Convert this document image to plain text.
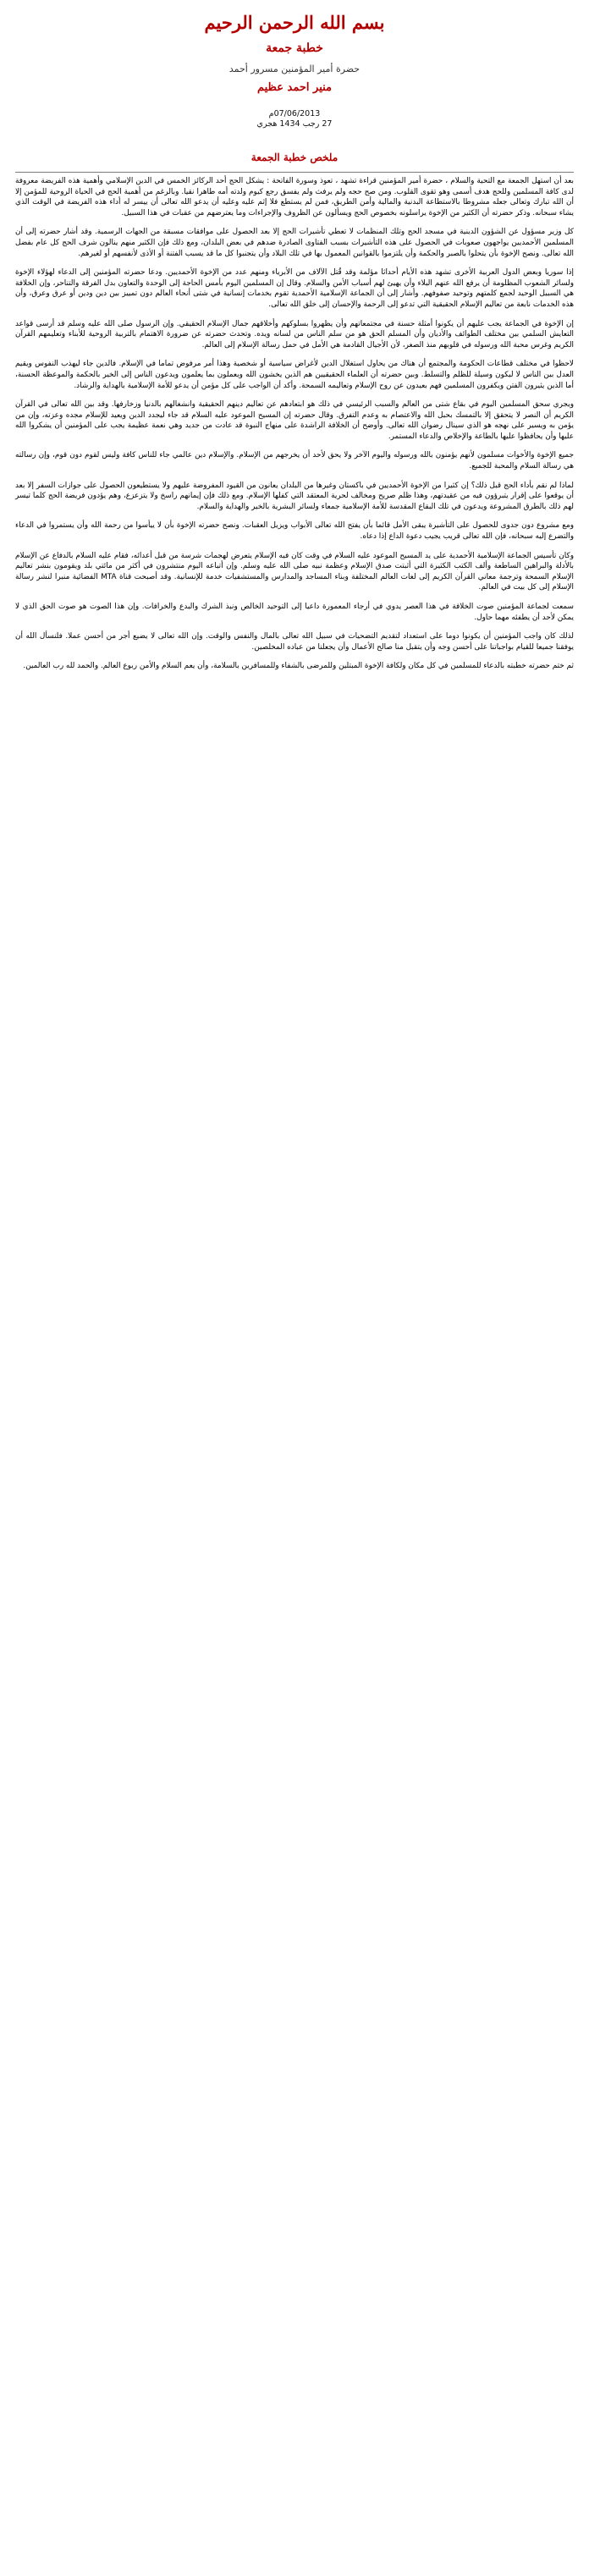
بسم الله الرحمن الرحيم
خطبة جمعة
حضرة أمير المؤمنين مسرور أحمد
منير احمد عظيم
07/06/2013م
27 رجب 1434 هجري
ملخص خطبة الجمعة

بعد أن استهل الجمعة مع التحية والسلام ، حضرة أمير المؤمنين قراءة تشهد ، تعوذ وسورة الفاتحة : يشكل الحج أحد الركائز الخمس في الدين الإسلامي وأهمية هذه الفريضة معروفة لدى كافة المسلمين وللحج هدف أسمى وهو تقوى القلوب. ومن صح حجه ولم يرفث ولم يفسق رجع كيوم ولدته أمه طاهرا نقيا. وبالرغم من أهمية الحج في الحياة الروحية للمؤمن إلا أن الله تبارك وتعالى جعله مشروطا بالاستطاعة البدنية والمالية وأمن الطريق، فمن لم يستطع فلا إثم عليه وعليه أن يدعو الله تعالى أن ييسر له أداء هذه الفريضة في الوقت الذي يشاء سبحانه. وذكر حضرته أن الكثير من الإخوة يراسلونه بخصوص الحج ويسألون عن الظروف والإجراءات وما يعترضهم من عقبات في هذا السبيل.

كل وزير مسؤول عن الشؤون الدينية في مسجد الحج وتلك المنظمات لا تعطي تأشيرات الحج إلا بعد الحصول على موافقات مسبقة من الجهات الرسمية. وقد أشار حضرته إلى أن المسلمين الأحمديين يواجهون صعوبات في الحصول على هذه التأشيرات بسبب الفتاوى الصادرة ضدهم في بعض البلدان، ومع ذلك فإن الكثير منهم ينالون شرف الحج كل عام بفضل الله تعالى. ونصح الإخوة بأن يتحلوا بالصبر والحكمة وأن يلتزموا بالقوانين المعمول بها في تلك البلاد وأن يتجنبوا كل ما قد يسبب الفتنة أو الأذى لأنفسهم أو لغيرهم.

إذا سوريا وبعض الدول العربية الأخرى تشهد هذه الأيام أحداثا مؤلمة وقد قُتل الآلاف من الأبرياء ومنهم عدد من الإخوة الأحمديين. ودعا حضرته المؤمنين إلى الدعاء لهؤلاء الإخوة ولسائر الشعوب المظلومة أن يرفع الله عنهم البلاء وأن يهيئ لهم أسباب الأمن والسلام. وقال إن المسلمين اليوم بأمس الحاجة إلى الوحدة والتعاون بدل الفرقة والتناحر، وإن الخلافة هي السبيل الوحيد لجمع كلمتهم وتوحيد صفوفهم. وأشار إلى أن الجماعة الإسلامية الأحمدية تقوم بخدمات إنسانية في شتى أنحاء العالم دون تمييز بين دين ودين أو عرق وعرق، وأن هذه الخدمات نابعة من تعاليم الإسلام الحقيقية التي تدعو إلى الرحمة والإحسان إلى خلق الله تعالى.

إن الإخوة في الجماعة يجب عليهم أن يكونوا أمثلة حسنة في مجتمعاتهم وأن يظهروا بسلوكهم وأخلاقهم جمال الإسلام الحقيقي. وإن الرسول صلى الله عليه وسلم قد أرسى قواعد التعايش السلمي بين مختلف الطوائف والأديان وأن المسلم الحق هو من سلم الناس من لسانه ويده. وتحدث حضرته عن ضرورة الاهتمام بالتربية الروحية للأبناء وتعليمهم القرآن الكريم وغرس محبة الله ورسوله في قلوبهم منذ الصغر، لأن الأجيال القادمة هي الأمل في حمل رسالة الإسلام إلى العالم.

لاحظوا في مختلف قطاعات الحكومة والمجتمع أن هناك من يحاول استغلال الدين لأغراض سياسية أو شخصية وهذا أمر مرفوض تماما في الإسلام. فالدين جاء ليهذب النفوس ويقيم العدل بين الناس لا ليكون وسيلة للظلم والتسلط. وبين حضرته أن العلماء الحقيقيين هم الذين يخشون الله ويعملون بما يعلمون ويدعون الناس إلى الخير بالحكمة والموعظة الحسنة، أما الذين يثيرون الفتن ويكفرون المسلمين فهم بعيدون عن روح الإسلام وتعاليمه السمحة. وأكد أن الواجب على كل مؤمن أن يدعو للأمة الإسلامية بالهداية والرشاد.

ويجري سحق المسلمين اليوم في بقاع شتى من العالم والسبب الرئيسي في ذلك هو ابتعادهم عن تعاليم دينهم الحقيقية وانشغالهم بالدنيا وزخارفها. وقد بين الله تعالى في القرآن الكريم أن النصر لا يتحقق إلا بالتمسك بحبل الله والاعتصام به وعدم التفرق. وقال حضرته إن المسيح الموعود عليه السلام قد جاء ليجدد الدين ويعيد للإسلام مجده وعزته، وإن من يؤمن به ويسير على نهجه هو الذي سينال رضوان الله تعالى. وأوضح أن الخلافة الراشدة على منهاج النبوة قد عادت من جديد وهي نعمة عظيمة يجب على المؤمنين أن يشكروا الله عليها وأن يحافظوا عليها بالطاعة والإخلاص والدعاء المستمر.

جميع الإخوة والأخوات مسلمون لأنهم يؤمنون بالله ورسوله واليوم الآخر ولا يحق لأحد أن يخرجهم من الإسلام. والإسلام دين عالمي جاء للناس كافة وليس لقوم دون قوم، وإن رسالته هي رسالة السلام والمحبة للجميع.

لماذا لم نقم بأداء الحج قبل ذلك؟ إن كثيرا من الإخوة الأحمديين في باكستان وغيرها من البلدان يعانون من القيود المفروضة عليهم ولا يستطيعون الحصول على جوازات السفر إلا بعد أن يوقعوا على إقرار يتبرؤون فيه من عقيدتهم، وهذا ظلم صريح ومخالف لحرية المعتقد التي كفلها الإسلام. ومع ذلك فإن إيمانهم راسخ ولا يتزعزع، وهم يؤدون فريضة الحج كلما تيسر لهم ذلك بالطرق المشروعة ويدعون في تلك البقاع المقدسة للأمة الإسلامية جمعاء ولسائر البشرية بالخير والهداية والسلام.

ومع مشروع دون جدوى للحصول على التأشيرة يبقى الأمل قائما بأن يفتح الله تعالى الأبواب ويزيل العقبات. ونصح حضرته الإخوة بأن لا ييأسوا من رحمة الله وأن يستمروا في الدعاء والتضرع إليه سبحانه، فإن الله تعالى قريب يجيب دعوة الداع إذا دعاه.

وكان تأسيس الجماعة الإسلامية الأحمدية على يد المسيح الموعود عليه السلام في وقت كان فيه الإسلام يتعرض لهجمات شرسة من قبل أعدائه، فقام عليه السلام بالدفاع عن الإسلام بالأدلة والبراهين الساطعة وألف الكتب الكثيرة التي أثبتت صدق الإسلام وعظمة نبيه صلى الله عليه وسلم. وإن أتباعه اليوم منتشرون في أكثر من مائتي بلد ويقومون بنشر تعاليم الإسلام السمحة وترجمة معاني القرآن الكريم إلى لغات العالم المختلفة وبناء المساجد والمدارس والمستشفيات خدمة للإنسانية. وقد أصبحت قناة MTA الفضائية منبرا لنشر رسالة الإسلام إلى كل بيت في العالم.

سمعت لجماعة المؤمنين صوت الخلافة في هذا العصر يدوي في أرجاء المعمورة داعيا إلى التوحيد الخالص ونبذ الشرك والبدع والخرافات. وإن هذا الصوت هو صوت الحق الذي لا يمكن لأحد أن يطفئه مهما حاول.

لذلك كان واجب المؤمنين أن يكونوا دوما على استعداد لتقديم التضحيات في سبيل الله تعالى بالمال والنفس والوقت. وإن الله تعالى لا يضيع أجر من أحسن عملا. فلنسأل الله أن يوفقنا جميعا للقيام بواجباتنا على أحسن وجه وأن يتقبل منا صالح الأعمال وأن يجعلنا من عباده المخلصين.

ثم ختم حضرته خطبته بالدعاء للمسلمين في كل مكان ولكافة الإخوة المبتلين وللمرضى بالشفاء وللمسافرين بالسلامة، وأن يعم السلام والأمن ربوع العالم. والحمد لله رب العالمين.
